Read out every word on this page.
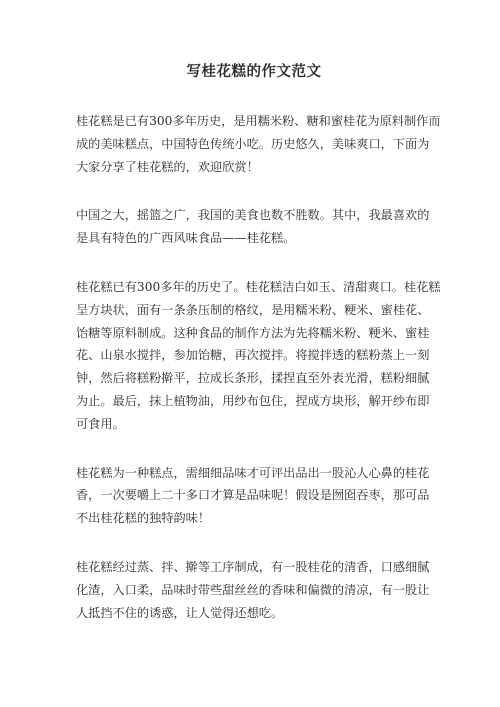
写桂花糕的作文范文

桂花糕是已有300多年历史，是用糯米粉、糖和蜜桂花为原料制作而
成的美味糕点，中国特色传统小吃。历史悠久，美味爽口，下面为
大家分享了桂花糕的，欢迎欣赏！

中国之大，摇篮之广，我国的美食也数不胜数。其中，我最喜欢的
是具有特色的广西风味食品——桂花糕。

桂花糕已有300多年的历史了。桂花糕洁白如玉、清甜爽口。桂花糕
呈方块状，面有一条条压制的格纹，是用糯米粉、粳米、蜜桂花、
饴糖等原料制成。这种食品的制作方法为先将糯米粉、粳米、蜜桂
花、山泉水搅拌，参加饴糖，再次搅拌。将搅拌透的糕粉蒸上一刻
钟，然后将糕粉擀平，拉成长条形，揉捏直至外表光滑，糕粉细腻
为止。最后，抹上植物油，用纱布包住，捏成方块形，解开纱布即
可食用。

桂花糕为一种糕点，需细细品味才可评出品出一股沁人心鼻的桂花
香，一次要嚼上二十多口才算是品味呢！假设是囫囵吞枣，那可品
不出桂花糕的独特韵味！

桂花糕经过蒸、拌、擀等工序制成，有一股桂花的清香，口感细腻
化渣，入口柔，品味时带些甜丝丝的香味和偏微的清凉，有一股让
人抵挡不住的诱惑，让人觉得还想吃。
